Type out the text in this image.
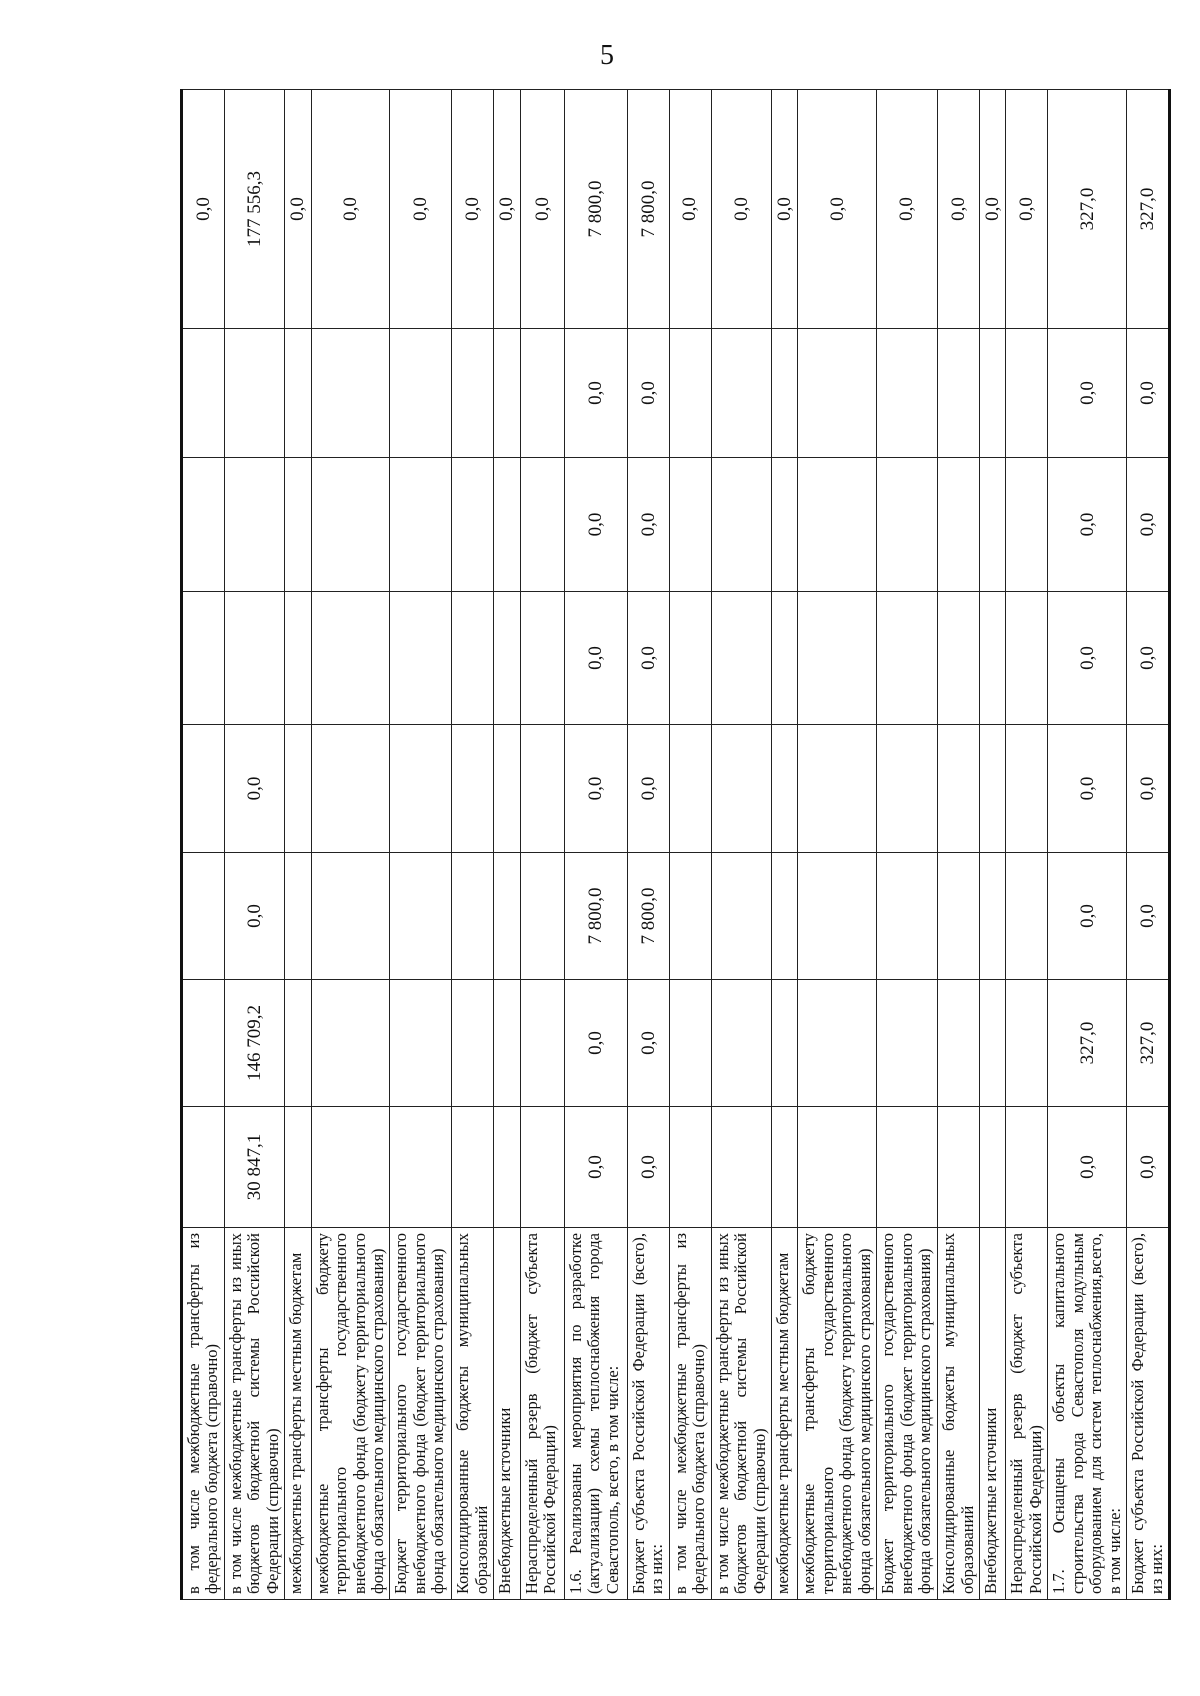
5
в том числе межбюджетные трансферты из федерального бюджета (справочно)								0,0
в том числе межбюджетные трансферты из иных бюджетов бюджетной системы Российской Федерации (справочно)	30 847,1	146 709,2	0,0	0,0				177 556,3
межбюджетные трансферты местным бюджетам								0,0
межбюджетные трансферты бюджету территориального государственного внебюджетного фонда (бюджету территориального фонда обязательного медицинского страхования)								0,0
Бюджет территориального государственного внебюджетного фонда (бюджет территориального фонда обязательного медицинского страхования)								0,0
Консолидированные бюджеты муниципальных образований								0,0
Внебюджетные источники								0,0
Нераспределенный резерв (бюджет субъекта Российской Федерации)								0,0
1.6. Реализованы мероприятия по разработке (актуализации) схемы теплоснабжения города Севастополь, всего, в том числе:	0,0	0,0	7 800,0	0,0	0,0	0,0	0,0	7 800,0
Бюджет субъекта Российской Федерации (всего), из них:	0,0	0,0	7 800,0	0,0	0,0	0,0	0,0	7 800,0
в том числе межбюджетные трансферты из федерального бюджета (справочно)								0,0
в том числе межбюджетные трансферты из иных бюджетов бюджетной системы Российской Федерации (справочно)								0,0
межбюджетные трансферты местным бюджетам								0,0
межбюджетные трансферты бюджету территориального государственного внебюджетного фонда (бюджету территориального фонда обязательного медицинского страхования)								0,0
Бюджет территориального государственного внебюджетного фонда (бюджет территориального фонда обязательного медицинского страхования)								0,0
Консолидированные бюджеты муниципальных образований								0,0
Внебюджетные источники								0,0
Нераспределенный резерв (бюджет субъекта Российской Федерации)								0,0
1.7. Оснащены объекты капитального строительства города Севастополя модульным оборудованием для систем теплоснабжения,всего, в том числе:	0,0	327,0	0,0	0,0	0,0	0,0	0,0	327,0
Бюджет субъекта Российской Федерации (всего), из них:	0,0	327,0	0,0	0,0	0,0	0,0	0,0	327,0
